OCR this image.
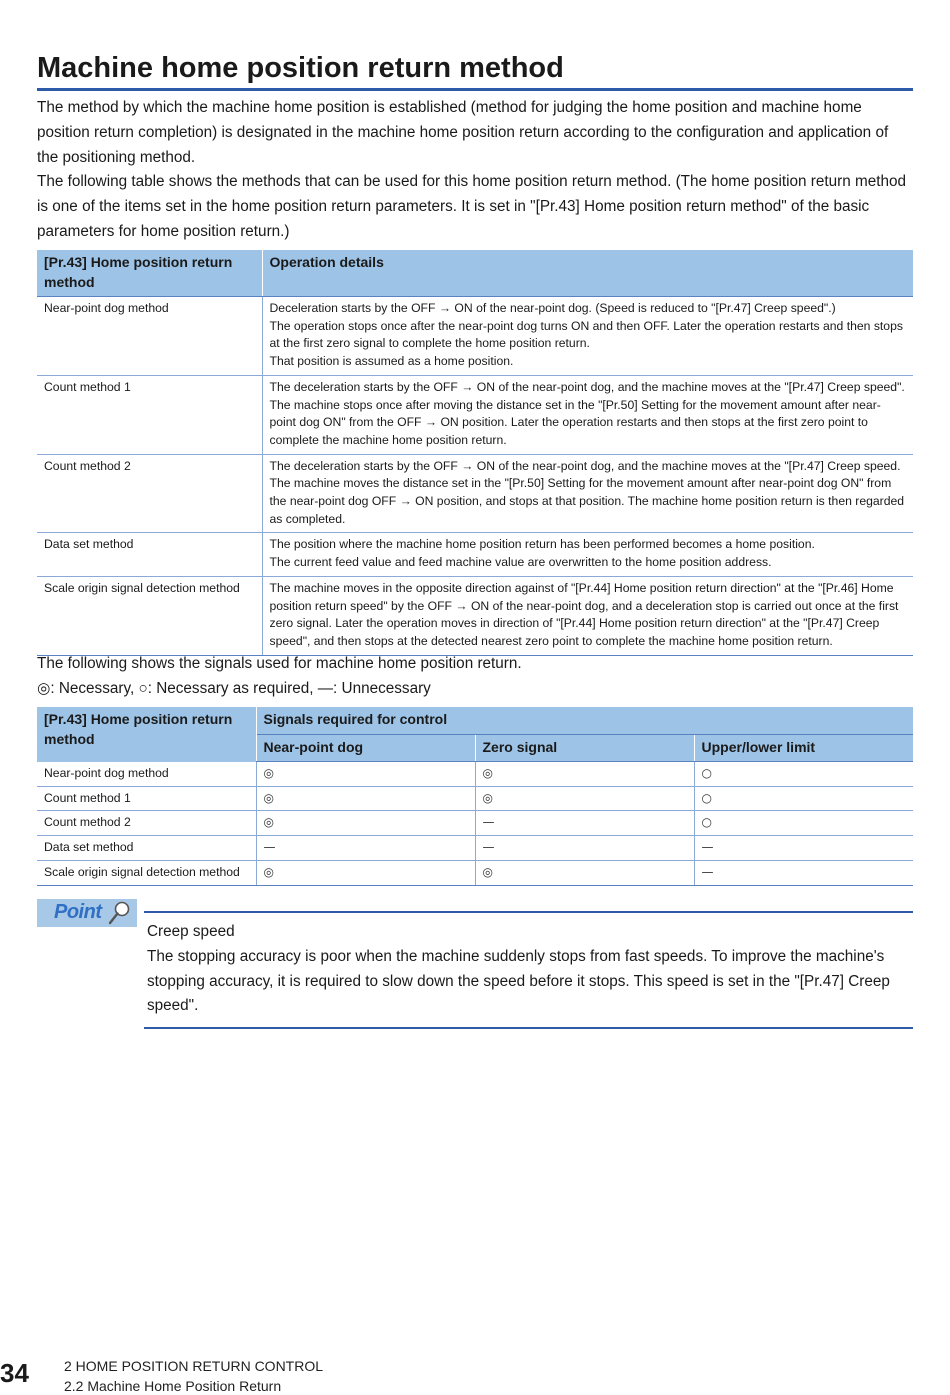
Machine home position return method

The method by which the machine home position is established (method for judging the home position and machine home position return completion) is designated in the machine home position return according to the configuration and application of the positioning method.

The following table shows the methods that can be used for this home position return method. (The home position return method is one of the items set in the home position return parameters. It is set in "[Pr.43] Home position return method" of the basic parameters for home position return.)

[Pr.43] Home position return method	Operation details
Near-point dog method	Deceleration starts by the OFF → ON of the near-point dog. (Speed is reduced to "[Pr.47] Creep speed".)
The operation stops once after the near-point dog turns ON and then OFF. Later the operation restarts and then stops at the first zero signal to complete the home position return.
That position is assumed as a home position.

Count method 1	The deceleration starts by the OFF → ON of the near-point dog, and the machine moves at the "[Pr.47] Creep speed".
The machine stops once after moving the distance set in the "[Pr.50] Setting for the movement amount after near-point dog ON" from the OFF → ON position. Later the operation restarts and then stops at the first zero point to complete the machine home position return.

Count method 2	The deceleration starts by the OFF → ON of the near-point dog, and the machine moves at the "[Pr.47] Creep speed.
The machine moves the distance set in the "[Pr.50] Setting for the movement amount after near-point dog ON" from the near-point dog OFF → ON position, and stops at that position. The machine home position return is then regarded as completed.

Data set method	The position where the machine home position return has been performed becomes a home position.
The current feed value and feed machine value are overwritten to the home position address.

Scale origin signal detection method	The machine moves in the opposite direction against of "[Pr.44] Home position return direction" at the "[Pr.46] Home position return speed" by the OFF → ON of the near-point dog, and a deceleration stop is carried out once at the first zero signal. Later the operation moves in direction of "[Pr.44] Home position return direction" at the "[Pr.47] Creep speed", and then stops at the detected nearest zero point to complete the machine home position return.

The following shows the signals used for machine home position return.

◎: Necessary, ○: Necessary as required, —: Unnecessary

[Pr.43] Home position return method	Signals required for control		
	Near-point dog	Zero signal	Upper/lower limit
Near-point dog method	◎	◎	○
Count method 1	◎	◎	○
Count method 2	◎	—	○
Data set method	—	—	—
Scale origin signal detection method	◎	◎	—
Point

Creep speed

The stopping accuracy is poor when the machine suddenly stops from fast speeds. To improve the machine's stopping accuracy, it is required to slow down the speed before it stops. This speed is set in the "[Pr.47] Creep speed".

34	2 HOME POSITION RETURN CONTROL
2.2 Machine Home Position Return
